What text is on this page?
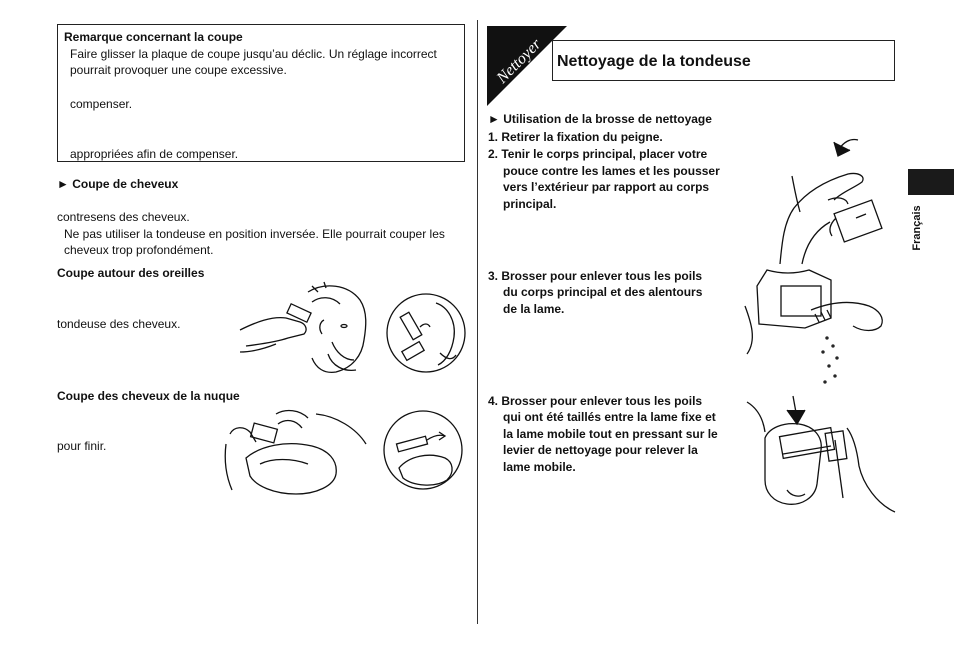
Remarque concernant la coupe
Faire glisser la plaque de coupe jusqu’au déclic. Un réglage incorrect
pourrait provoquer une coupe excessive.
compenser.
appropriées afin de compenser.
► Coupe de cheveux
contresens des cheveux.
Ne pas utiliser la tondeuse en position inversée. Elle pourrait couper les
cheveux trop profondément.
Coupe autour des oreilles
tondeuse des cheveux.
Coupe des cheveux de la nuque
pour finir.
Nettoyer Nettoyage de la tondeuse
► Utilisation de la brosse de nettoyage
1. Retirer la fixation du peigne.
2. Tenir le corps principal, placer votre
pouce contre les lames et les pousser
vers l’extérieur par rapport au corps
principal.
3. Brosser pour enlever tous les poils
du corps principal et des alentours
de la lame.
4. Brosser pour enlever tous les poils
qui ont été taillés entre la lame fixe et
la lame mobile tout en pressant sur le
levier de nettoyage pour relever la
lame mobile.
Français
